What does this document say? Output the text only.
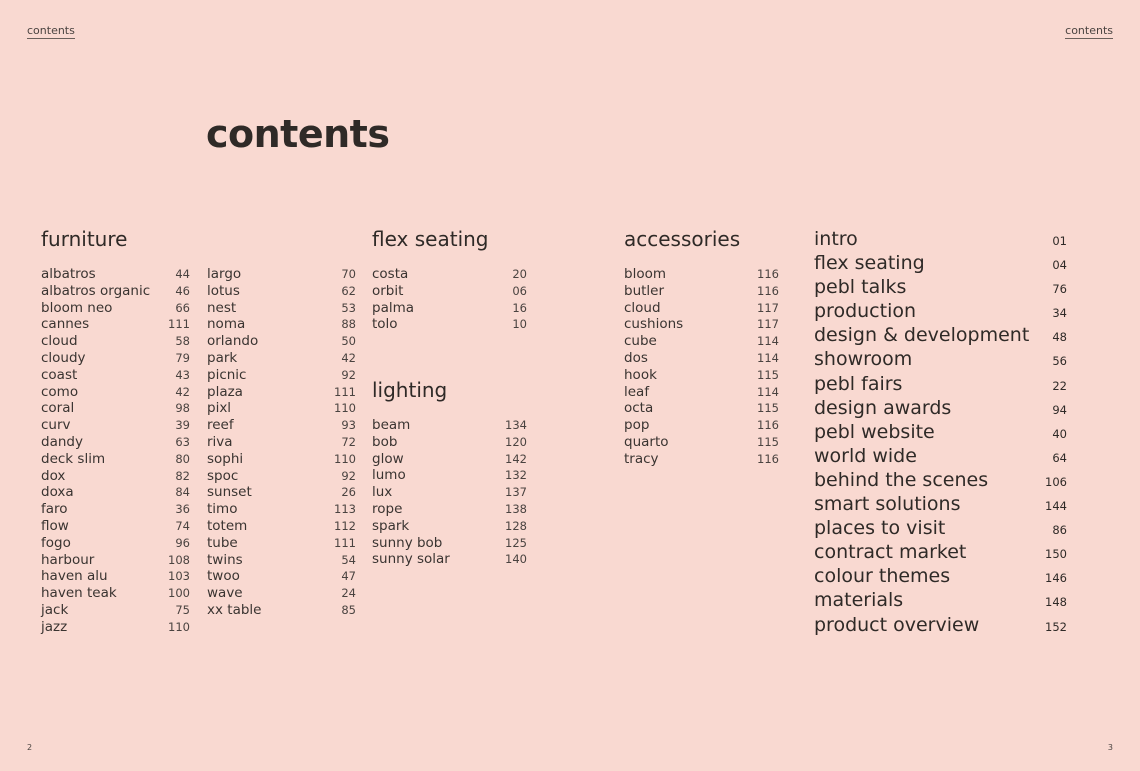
contents	contents
contents
furniture
albatros	44
albatros organic 46
bloom neo	66
cannes	111
cloud	58
cloudy	79
coast	43
como	42
coral	98
curv	39
dandy	63
deck slim	80
dox	82
doxa	84
faro	36
flow	74
fogo	96
harbour	108
haven alu	103
haven teak	100
jack	75
jazz	110
largo	70
lotus	62
nest	53
noma	88
orlando	50
park	42
picnic	92
plaza	111
pixl	110
reef	93
riva	72
sophi	110
spoc	92
sunset	26
timo	113
totem	112
tube	111
twins	54
twoo	47
wave	24
xx table	85
flex seating
costa	20
orbit	06
palma	16
tolo	10
lighting
beam	134
bob	120
glow	142
lumo	132
lux	137
rope	138
spark	128
sunny bob	125
sunny solar	140
accessories
bloom	116
butler	116
cloud	117
cushions	117
cube	114
dos	114
hook	115
leaf	114
octa	115
pop	116
quarto	115
tracy	116
intro	01
flex seating	04
pebl talks	76
production	34
design & development 48
showroom	56
pebl fairs	22
design awards	94
pebl website	40
world wide	64
behind the scenes	106
smart solutions	144
places to visit	86
contract market	150
colour themes	146
materials	148
product overview	152
2	3
